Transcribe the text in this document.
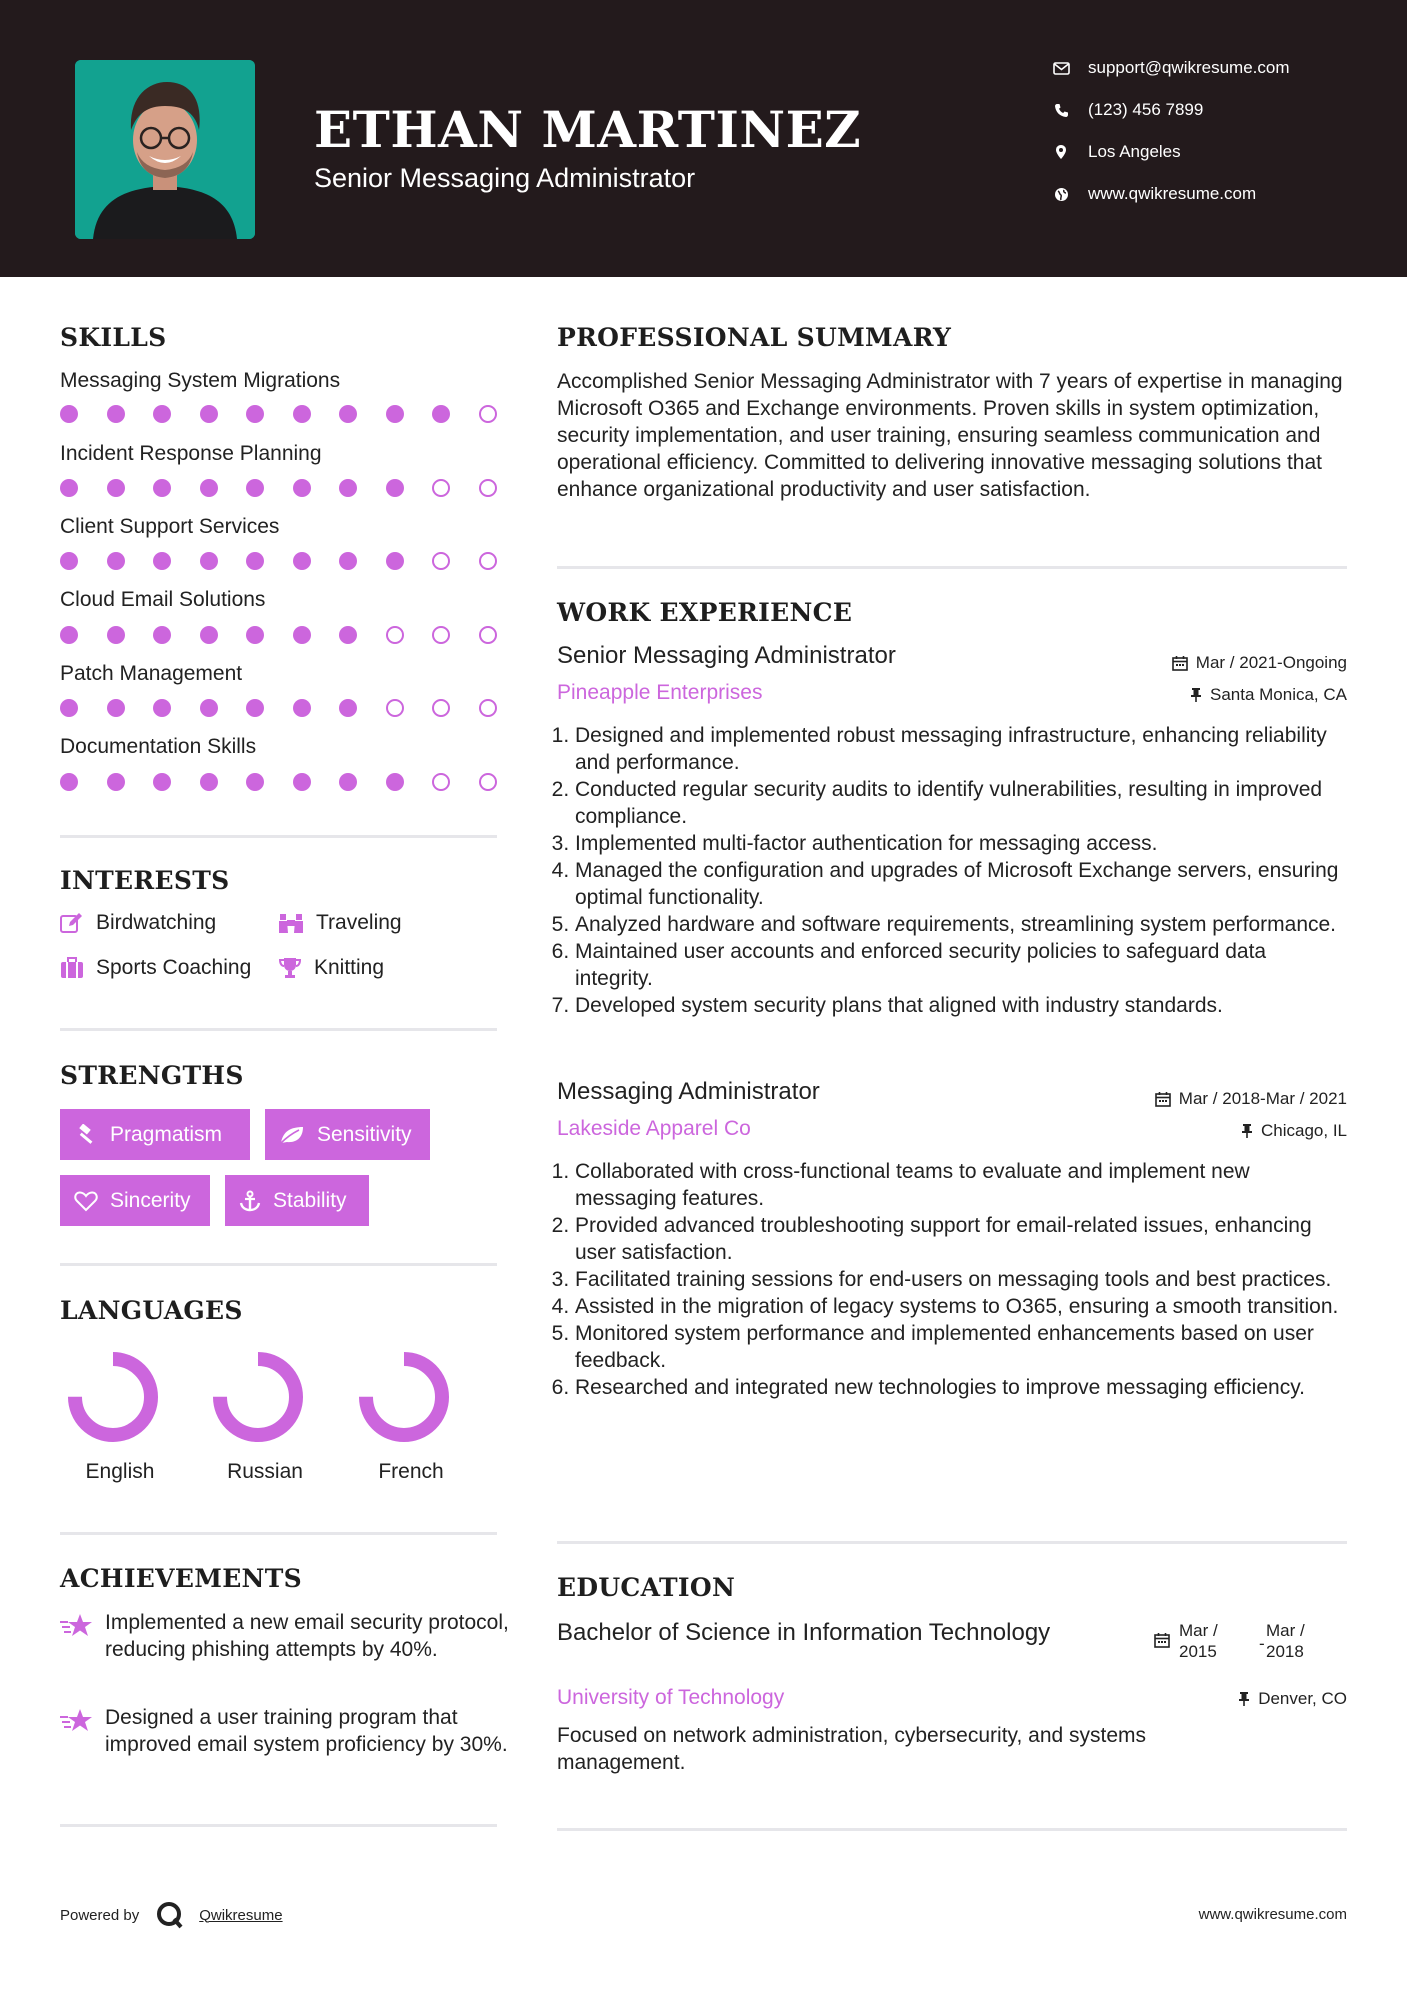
ETHAN MARTINEZ
Senior Messaging Administrator
support@qwikresume.com
(123) 456 7899
Los Angeles
www.qwikresume.com
SKILLS
Messaging System Migrations
Incident Response Planning
Client Support Services
Cloud Email Solutions
Patch Management
Documentation Skills
INTERESTS
Birdwatching	Traveling
Sports Coaching	Knitting
STRENGTHS
Pragmatism	Sensitivity
Sincerity	Stability
LANGUAGES
English	Russian	French
ACHIEVEMENTS
Implemented a new email security protocol, reducing phishing attempts by 40%.
Designed a user training program that improved email system proficiency by 30%.
PROFESSIONAL SUMMARY
Accomplished Senior Messaging Administrator with 7 years of expertise in managing Microsoft O365 and Exchange environments. Proven skills in system optimization, security implementation, and user training, ensuring seamless communication and operational efficiency. Committed to delivering innovative messaging solutions that enhance organizational productivity and user satisfaction.
WORK EXPERIENCE
Senior Messaging Administrator
Pineapple Enterprises
Mar / 2021-Ongoing
Santa Monica, CA
1. Designed and implemented robust messaging infrastructure, enhancing reliability and performance.
2. Conducted regular security audits to identify vulnerabilities, resulting in improved compliance.
3. Implemented multi-factor authentication for messaging access.
4. Managed the configuration and upgrades of Microsoft Exchange servers, ensuring optimal functionality.
5. Analyzed hardware and software requirements, streamlining system performance.
6. Maintained user accounts and enforced security policies to safeguard data integrity.
7. Developed system security plans that aligned with industry standards.
Messaging Administrator
Lakeside Apparel Co
Mar / 2018-Mar / 2021
Chicago, IL
1. Collaborated with cross-functional teams to evaluate and implement new messaging features.
2. Provided advanced troubleshooting support for email-related issues, enhancing user satisfaction.
3. Facilitated training sessions for end-users on messaging tools and best practices.
4. Assisted in the migration of legacy systems to O365, ensuring a smooth transition.
5. Monitored system performance and implemented enhancements based on user feedback.
6. Researched and integrated new technologies to improve messaging efficiency.
EDUCATION
Bachelor of Science in Information Technology
University of Technology
Mar / 2015	-
Mar / 2018
Denver, CO
Focused on network administration, cybersecurity, and systems management.
Powered by	Qwikresume	www.qwikresume.com
